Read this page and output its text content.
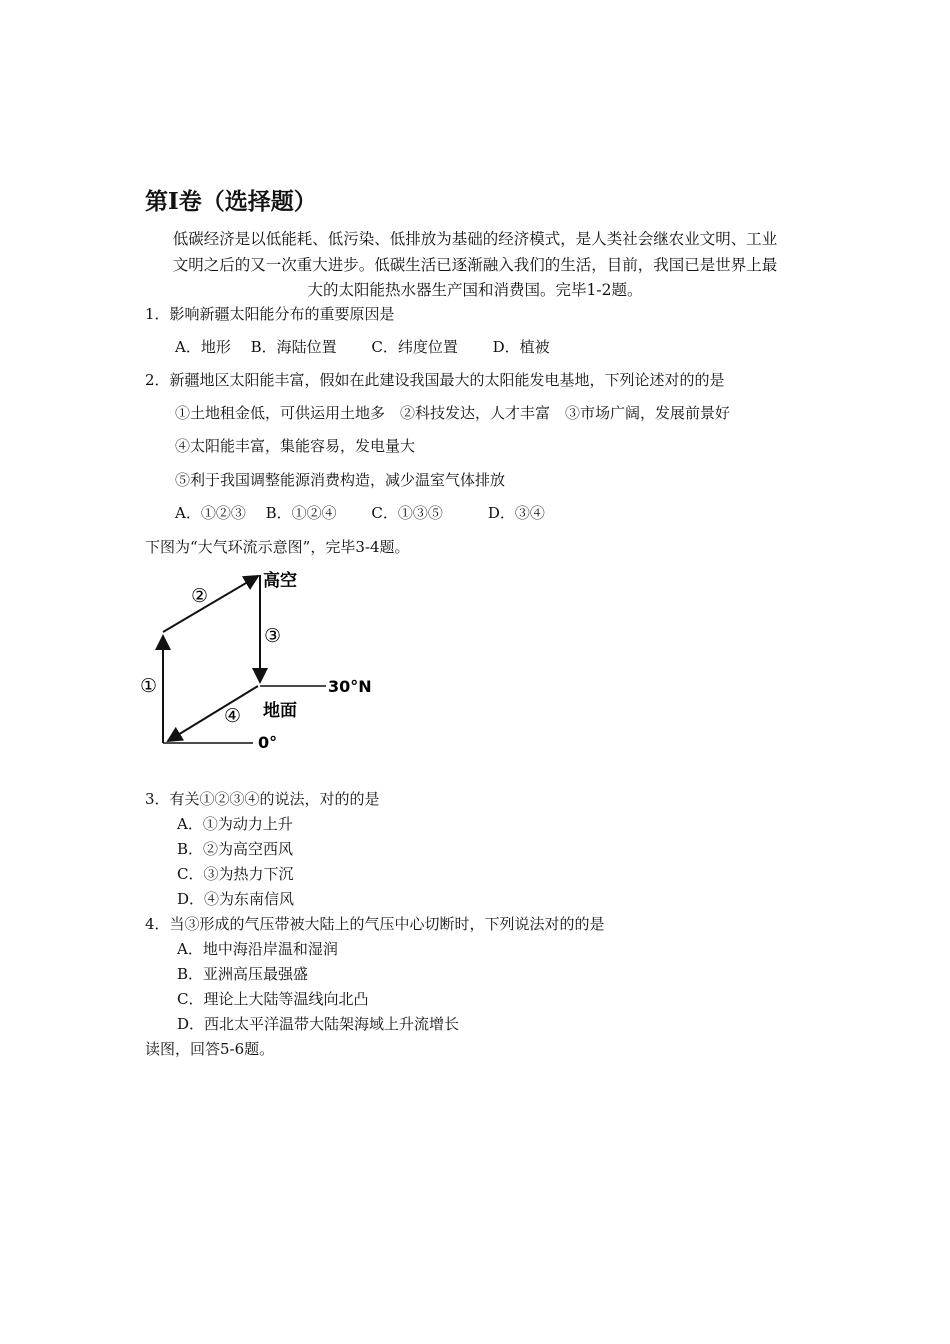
第Ⅰ卷（选择题）
低碳经济是以低能耗、低污染、低排放为基础的经济模式，是人类社会继农业文明、工业
文明之后的又一次重大进步。低碳生活已逐渐融入我们的生活，目前，我国已是世界上最
大的太阳能热水器生产国和消费国。完毕1-2题。
1．影响新疆太阳能分布的重要原因是
A．地形　 B．海陆位置　　 C．纬度位置　　 D．植被
2．新疆地区太阳能丰富，假如在此建设我国最大的太阳能发电基地，下列论述对的的是
①土地租金低，可供运用土地多　②科技发达，人才丰富　③市场广阔，发展前景好
④太阳能丰富，集能容易，发电量大
⑤利于我国调整能源消费构造，减少温室气体排放
A．①②③　 B．①②④　　 C．①③⑤　　　D．③④
下图为“大气环流示意图”，完毕3-4题。
高空
地面
30°N
0°
①
②
③
④
3．有关①②③④的说法，对的的是
A．①为动力上升
B．②为高空西风
C．③为热力下沉
D．④为东南信风
4．当③形成的气压带被大陆上的气压中心切断时，下列说法对的的是
A．地中海沿岸温和湿润
B．亚洲高压最强盛
C．理论上大陆等温线向北凸
D．西北太平洋温带大陆架海域上升流增长
读图，回答5-6题。
